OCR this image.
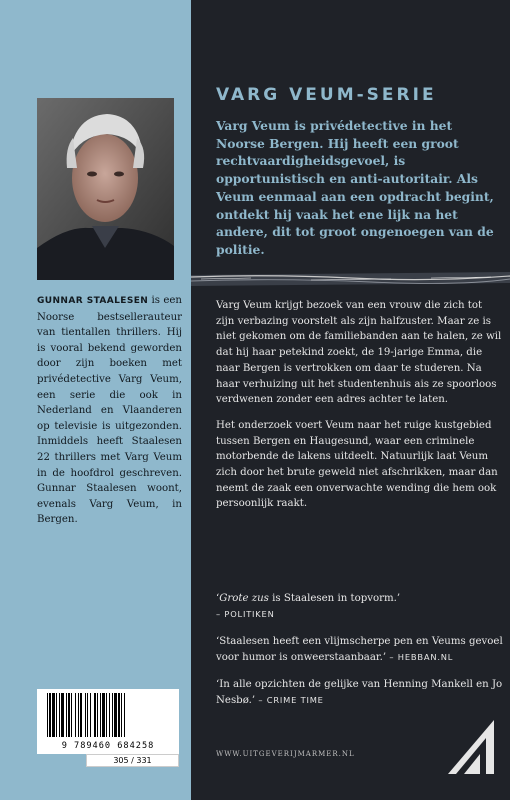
GUNNAR STAALESEN is een Noorse bestsellerauteur van tientallen thrillers. Hij is vooral bekend geworden door zijn boeken met privédetective Varg Veum, een serie die ook in Nederland en Vlaanderen op televisie is uitgezonden. Inmiddels heeft Staalesen 22 thrillers met Varg Veum in de hoofdrol geschreven. Gunnar Staalesen woont, evenals Varg Veum, in Bergen.
9 789460 684258
305 / 331
VARG VEUM-SERIE
Varg Veum is privédetective in het Noorse Bergen. Hij heeft een groot rechtvaardigheidsgevoel, is opportunistisch en anti-autoritair. Als Veum eenmaal aan een opdracht begint, ontdekt hij vaak het ene lijk na het andere, dit tot groot ongenoegen van de politie.

Varg Veum krijgt bezoek van een vrouw die zich tot zijn verbazing voorstelt als zijn halfzuster. Maar ze is niet gekomen om de familiebanden aan te halen, ze wil dat hij haar petekind zoekt, de 19-jarige Emma, die naar Bergen is vertrokken om daar te studeren. Na haar verhuizing uit het studentenhuis ais ze spoorloos verdwenen zonder een adres achter te laten.

Het onderzoek voert Veum naar het ruige kustgebied tussen Bergen en Haugesund, waar een criminele motorbende de lakens uitdeelt. Natuurlijk laat Veum zich door het brute geweld niet afschrikken, maar dan neemt de zaak een onverwachte wending die hem ook persoonlijk raakt.

‘Grote zus is Staalesen in topvorm.’
– POLITIKEN
‘Staalesen heeft een vlijmscherpe pen en Veums gevoel voor humor is onweerstaanbaar.’ – HEBBAN.NL
‘In alle opzichten de gelijke van Henning Mankell en Jo Nesbø.’ – CRIME TIME
WWW.UITGEVERIJMARMER.NL
